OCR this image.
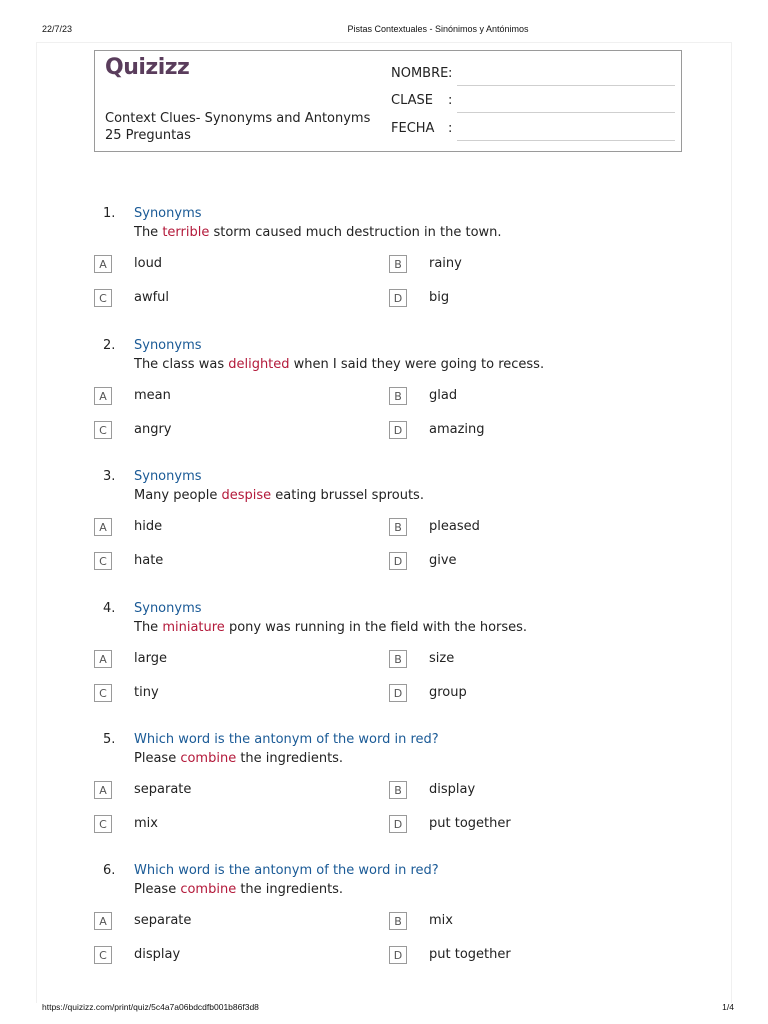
22/7/23	Pistas Contextuales - Sinónimos y Antónimos
Quizizz
Context Clues- Synonyms and Antonyms
25 Preguntas
NOMBRE :
CLASE :
FECHA :
1. Synonyms
The terrible storm caused much destruction in the town.
A	loud	B	rainy
C	awful	D	big
2. Synonyms
The class was delighted when I said they were going to recess.
A	mean	B	glad
C	angry	D	amazing
3. Synonyms
Many people despise eating brussel sprouts.
A	hide	B	pleased
C	hate	D	give
4. Synonyms
The miniature pony was running in the field with the horses.
A	large	B	size
C	tiny	D	group
5. Which word is the antonym of the word in red?
Please combine the ingredients.
A	separate	B	display
C	mix	D	put together
6. Which word is the antonym of the word in red?
Please combine the ingredients.
A	separate	B	mix
C	display	D	put together
https://quizizz.com/print/quiz/5c4a7a06bdcdfb001b86f3d8	1/4
